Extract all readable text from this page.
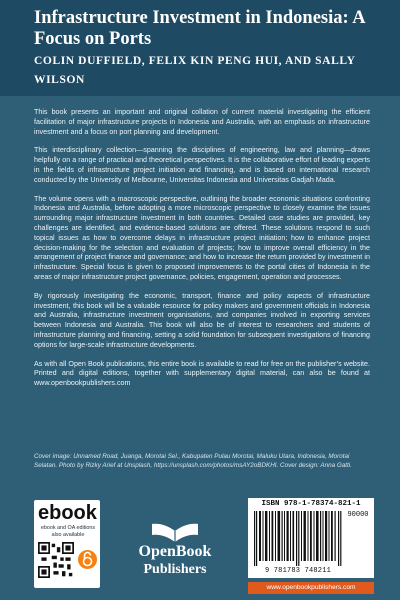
Infrastructure Investment in Indonesia: A Focus on Ports
COLIN DUFFIELD, FELIX KIN PENG HUI, AND SALLY WILSON

This book presents an important and original collation of current material investigating the efficient facilitation of major infrastructure projects in Indonesia and Australia, with an emphasis on infrastructure investment and a focus on port planning and development.

This interdisciplinary collection—spanning the disciplines of engineering, law and planning—draws helpfully on a range of practical and theoretical perspectives. It is the collaborative effort of leading experts in the fields of infrastructure project initiation and financing, and is based on international research conducted by the University of Melbourne, Universitas Indonesia and Universitas Gadjah Mada.

The volume opens with a macroscopic perspective, outlining the broader economic situations confronting Indonesia and Australia, before adopting a more microscopic perspective to closely examine the issues surrounding major infrastructure investment in both countries. Detailed case studies are provided, key challenges are identified, and evidence-based solutions are offered. These solutions respond to such topical issues as how to overcome delays in infrastructure project initiation; how to enhance project decision-making for the selection and evaluation of projects; how to improve overall efficiency in the arrangement of project finance and governance; and how to increase the return provided by investment in infrastructure. Special focus is given to proposed improvements to the portal cities of Indonesia in the areas of major infrastructure project governance, policies, engagement, operation and processes.

By rigorously investigating the economic, transport, finance and policy aspects of infrastructure investment, this book will be a valuable resource for policy makers and government officials in Indonesia and Australia, infrastructure investment organisations, and companies involved in exporting services between Indonesia and Australia. This book will also be of interest to researchers and students of infrastructure planning and financing, setting a solid foundation for subsequent investigations of financing options for large-scale infrastructure developments.

As with all Open Book publications, this entire book is available to read for free on the publisher’s website. Printed and digital editions, together with supplementary digital material, can also be found at www.openbookpublishers.com

Cover image: Unnamed Road, Juanga, Morotai Sel., Kabupaten Pulau Morotai, Maluku Utara, Indonesia, Morotai Selatan. Photo by Rizky Arief at Unsplash, https://unsplash.com/photos/msAY2oBDKHI. Cover design: Anna Gatti.
ebook
ebook and OA editions also available
OpenBook
Publishers
ISBN 978-1-78374-821-1
90000
9 781783 748211
www.openbookpublishers.com
